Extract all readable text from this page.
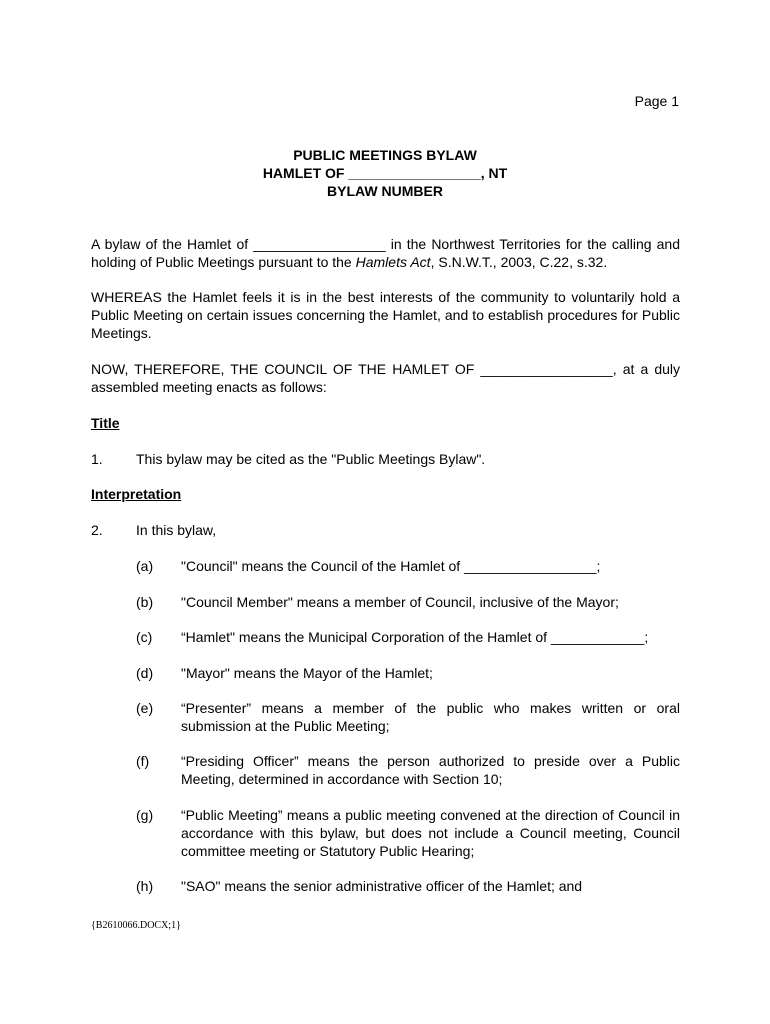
Page 1
PUBLIC MEETINGS BYLAW
HAMLET OF _________________, NT
BYLAW NUMBER
A bylaw of the Hamlet of _________________ in the Northwest Territories for the calling and holding of Public Meetings pursuant to the Hamlets Act, S.N.W.T., 2003, C.22, s.32.
WHEREAS the Hamlet feels it is in the best interests of the community to voluntarily hold a Public Meeting on certain issues concerning the Hamlet, and to establish procedures for Public Meetings.
NOW, THEREFORE, THE COUNCIL OF THE HAMLET OF _________________, at a duly assembled meeting enacts as follows:
Title
1. This bylaw may be cited as the "Public Meetings Bylaw".
Interpretation
2. In this bylaw,
(a) "Council" means the Council of the Hamlet of _________________;
(b) "Council Member" means a member of Council, inclusive of the Mayor;
(c) “Hamlet" means the Municipal Corporation of the Hamlet of ____________;
(d) "Mayor" means the Mayor of the Hamlet;
(e) “Presenter” means a member of the public who makes written or oral submission at the Public Meeting;
(f) “Presiding Officer” means the person authorized to preside over a Public Meeting, determined in accordance with Section 10;
(g) “Public Meeting” means a public meeting convened at the direction of Council in accordance with this bylaw, but does not include a Council meeting, Council committee meeting or Statutory Public Hearing;
(h) "SAO" means the senior administrative officer of the Hamlet; and
{B2610066.DOCX;1}
